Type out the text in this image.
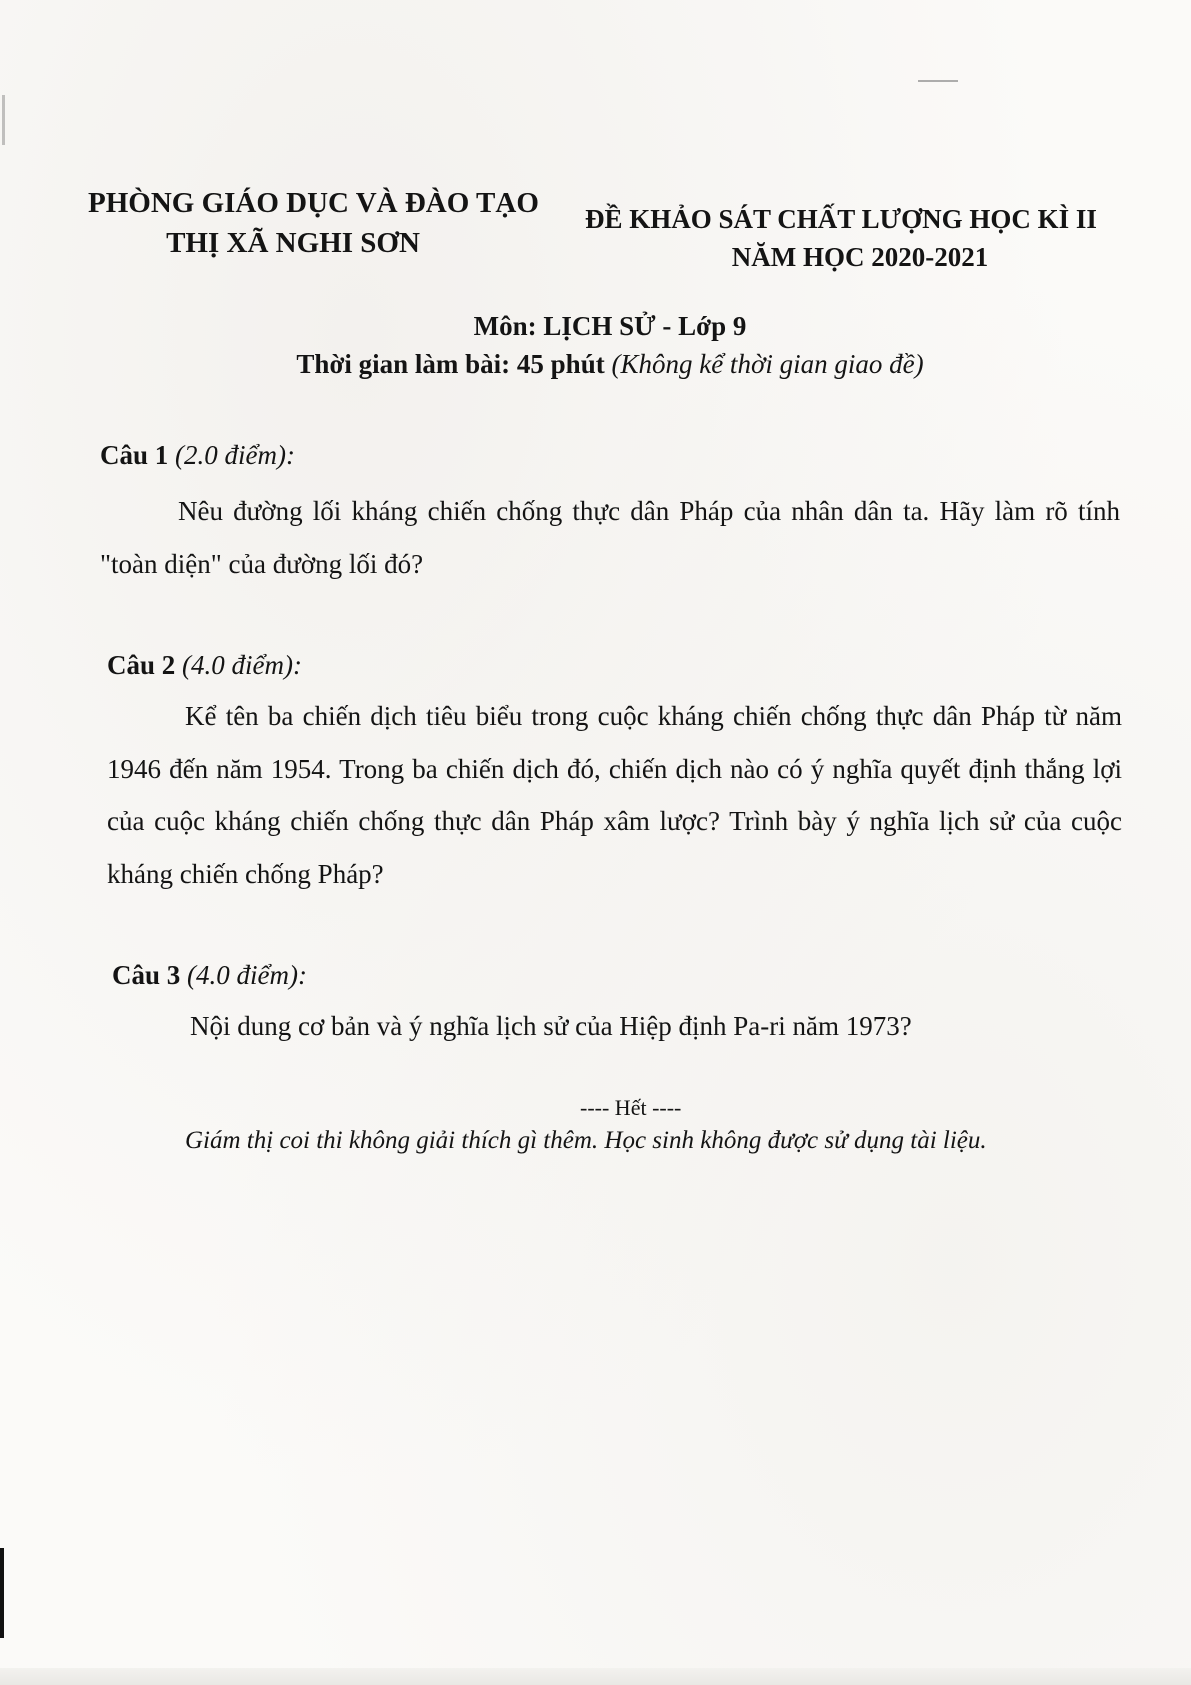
PHÒNG GIÁO DỤC VÀ ĐÀO TẠO
THỊ XÃ NGHI SƠN
ĐỀ KHẢO SÁT CHẤT LƯỢNG HỌC KÌ II
NĂM HỌC 2020-2021
Môn: LỊCH SỬ - Lớp 9
Thời gian làm bài: 45 phút (Không kể thời gian giao đề)
Câu 1 (2.0 điểm):
Nêu đường lối kháng chiến chống thực dân Pháp của nhân dân ta. Hãy làm rõ tính "toàn diện" của đường lối đó?
Câu 2 (4.0 điểm):
Kể tên ba chiến dịch tiêu biểu trong cuộc kháng chiến chống thực dân Pháp từ năm 1946 đến năm 1954. Trong ba chiến dịch đó, chiến dịch nào có ý nghĩa quyết định thắng lợi của cuộc kháng chiến chống thực dân Pháp xâm lược? Trình bày ý nghĩa lịch sử của cuộc kháng chiến chống Pháp?
Câu 3 (4.0 điểm):
Nội dung cơ bản và ý nghĩa lịch sử của Hiệp định Pa-ri năm 1973?
---- Hết ----
Giám thị coi thi không giải thích gì thêm. Học sinh không được sử dụng tài liệu.
